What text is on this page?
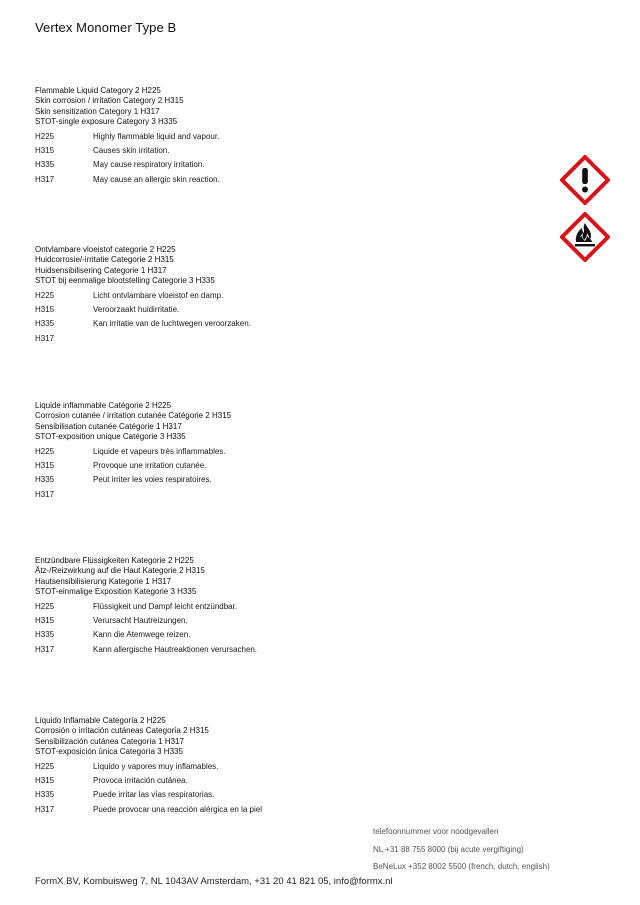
Vertex Monomer Type B
Flammable Liquid Category 2 H225
Skin corrosion / irritation Category 2 H315
Skin sensitization Category 1 H317
STOT-single exposure Category 3 H335
H225	Highly flammable liquid and vapour.
H315	Causes skin irritation.
H335	May cause respiratory irritation.
H317	May cause an allergic skin reaction.
Ontvlambare vloeistof categorie 2 H225
Huidcorrosie/-irritatie Categorie 2 H315
Huidsensibilisering Categorie 1 H317
STOT bij eenmalige blootstelling Categorie 3 H335
H225	Licht ontvlambare vloeistof en damp.
H315	Veroorzaakt huidirritatie.
H335	Kan irritatie van de luchtwegen veroorzaken.
H317
Liquide inflammable Catégorie 2 H225
Corrosion cutanée / irritation cutanée Catégorie 2 H315
Sensibilisation cutanée Catégorie 1 H317
STOT-exposition unique Catégorie 3 H335
H225	Liquide et vapeurs très inflammables.
H315	Provoque une irritation cutanée.
H335	Peut irriter les voies respiratoires.
H317
Entzündbare Flüssigkeiten Kategorie 2 H225
Ätz-/Reizwirkung auf die Haut Kategorie 2 H315
Hautsensibilisierung Kategorie 1 H317
STOT-einmalige Exposition Kategorie 3 H335
H225	Flüssigkeit und Dampf leicht entzündbar.
H315	Verursacht Hautreizungen.
H335	Kann die Atemwege reizen.
H317	Kann allergische Hautreaktionen verursachen.
Líquido Inflamable Categoría 2 H225
Corrosión o irritación cutáneas Categoría 2 H315
Sensibilización cutánea Categoría 1 H317
STOT-exposición única Categoría 3 H335
H225	Líquido y vapores muy inflamables.
H315	Provoca irritación cutánea.
H335	Puede irritar las vías respiratorias.
H317	Puede provocar una reacción alérgica en la piel
telefoonnummer voor noodgevallen
NL +31 88 755 8000 (bij acute vergiftiging)
BeNeLux +352 8002 5500 (french, dutch, english)
FormX BV, Kombuisweg 7, NL 1043AV Amsterdam, +31 20 41 821 05, info@formx.nl
